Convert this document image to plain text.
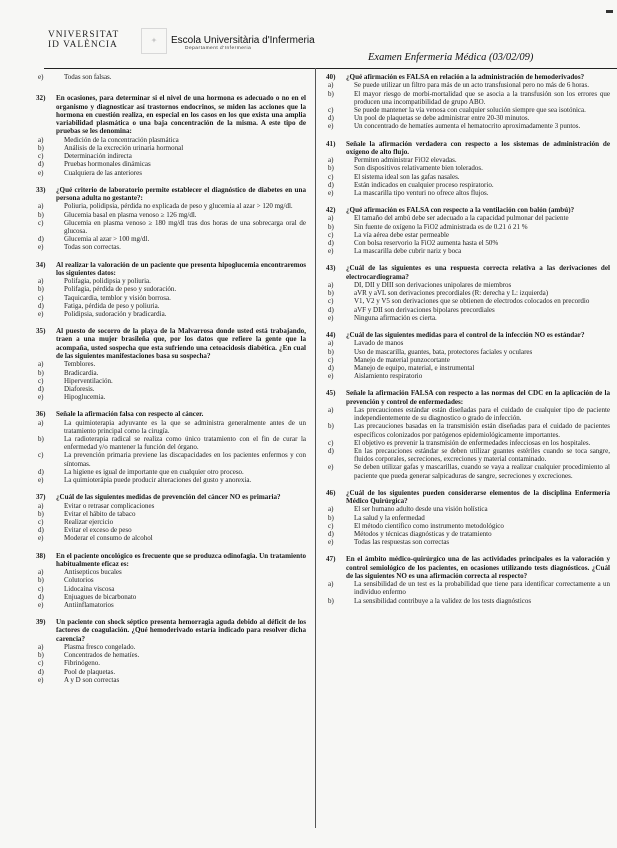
VNIVERSITAT
ID VALÈNCIA	✦	Escola Universitària d'Infermeria
Departament d'Infermeria
Examen Enfermeria Médica (03/02/09)
e)	Todas son falsas.
32)	En ocasiones, para determinar si el nivel de una hormona es adecuado o no en el organismo y diagnosticar así trastornos endocrinos, se miden las acciones que la hormona en cuestión realiza, en especial en los casos en los que exista una amplia variabilidad plasmática o una baja concentración de la misma. A este tipo de pruebas se les denomina:
a)	Medición de la concentración plasmática
b)	Análisis de la excreción urinaria hormonal
c)	Determinación indirecta
d)	Pruebas hormonales dinámicas
e)	Cualquiera de las anteriores
33)	¿Qué criterio de laboratorio permite establecer el diagnóstico de diabetes en una persona adulta no gestante?:
a)	Poliuria, polidipsia, pérdida no explicada de peso y glucemia al azar > 120 mg/dl.
b)	Glucemia basal en plasma venoso ≥ 126 mg/dl.
c)	Glucemia en plasma venoso ≥ 180 mg/dl tras dos horas de una sobrecarga oral de glucosa.
d)	Glucemia al azar > 100 mg/dl.
e)	Todas son correctas.
34)	Al realizar la valoración de un paciente que presenta hipoglucemia encontraremos los siguientes datos:
a)	Polifagia, polidipsia y poliuria.
b)	Polifagia, pérdida de peso y sudoración.
c)	Taquicardia, temblor y visión borrosa.
d)	Fatiga, pérdida de peso y poliuria.
e)	Polidipsia, sudoración y bradicardia.
35)	Al puesto de socorro de la playa de la Malvarrosa donde usted está trabajando, traen a una mujer brasileña que, por los datos que refiere la gente que la acompaña, usted sospecha que esta sufriendo una cetoacidosis diabética. ¿En cual de las siguientes manifestaciones basa su sospecha?
a)	Temblores.
b)	Bradicardia.
c)	Hiperventilación.
d)	Diaforesis.
e)	Hipoglucemia.
36)	Señale la afirmación falsa con respecto al cáncer.
a)	La quimioterapia adyuvante es la que se administra generalmente antes de un tratamiento principal como la cirugía.
b)	La radioterapia radical se realiza como único tratamiento con el fin de curar la enfermedad y/o mantener la función del órgano.
c)	La prevención primaria previene las discapacidades en los pacientes enfermos y con síntomas.
d)	La higiene es igual de importante que en cualquier otro proceso.
e)	La quimioterápia puede producir alteraciones del gusto y anorexia.
37)	¿Cuál de las siguientes medidas de prevención del cáncer NO es primaria?
a)	Evitar o retrasar complicaciones
b)	Evitar el hábito de tabaco
c)	Realizar ejercicio
d)	Evitar el exceso de peso
e)	Moderar el consumo de alcohol
38)	En el paciente oncológico es frecuente que se produzca odinofagia. Un tratamiento habitualmente eficaz es:
a)	Antisepticos bucales
b)	Colutorios
c)	Lidocaína viscosa
d)	Enjuagues de bicarbonato
e)	Antiinflamatorios
39)	Un paciente con shock séptico presenta hemorragia aguda debido al déficit de los factores de coagulación. ¿Qué hemoderivado estaría indicado para resolver dicha carencia?
a)	Plasma fresco congelado.
b)	Concentrados de hematíes.
c)	Fibrinógeno.
d)	Pool de plaquetas.
e)	A y D son correctas
40)	¿Qué afirmación es FALSA en relación a la administración de hemoderivados?
a)	Se puede utilizar un filtro para más de un acto transfusional pero no más de 6 horas.
b)	El mayor riesgo de morbi-mortalidad que se asocia a la transfusión son los errores que producen una incompatibilidad de grupo ABO.
c)	Se puede mantener la vía venosa con cualquier solución siempre que sea isotónica.
d)	Un pool de plaquetas se debe administrar entre 20-30 minutos.
e)	Un concentrado de hematíes aumenta el hematocrito aproximadamente 3 puntos.
41)	Señale la afirmación verdadera con respecto a los sistemas de administración de oxígeno de alto flujo.
a)	Permiten administrar FiO2 elevadas.
b)	Son dispositivos relativamente bien tolerados.
c)	El sistema ideal son las gafas nasales.
d)	Están indicados en cualquier proceso respiratorio.
e)	La mascarilla tipo venturi no ofrece altos flujos.
42)	¿Qué afirmación es FALSA con respecto a la ventilación con balón (ambú)?
a)	El tamaño del ambú debe ser adecuado a la capacidad pulmonar del paciente
b)	Sin fuente de oxígeno la FiO2 administrada es de 0.21 ó 21 %
c)	La vía aérea debe estar permeable
d)	Con bolsa reservorio la FiO2 aumenta hasta el 50%
e)	La mascarilla debe cubrir nariz y boca
43)	¿Cuál de las siguientes es una respuesta correcta relativa a las derivaciones del electrocardiograma?
a)	DI, DII y DIII son derivaciones unipolares de miembros
b)	aVR y aVL son derivaciones precordiales (R: derecha y L: izquierda)
c)	V1, V2 y V5 son derivaciones que se obtienen de electrodos colocados en precordio
d)	aVF y DII son derivaciones bipolares precordiales
e)	Ninguna afirmación es cierta.
44)	¿Cuál de las siguientes medidas para el control de la infección NO es estándar?
a)	Lavado de manos
b)	Uso de mascarilla, guantes, bata, protectores faciales y oculares
c)	Manejo de material punzocortante
d)	Manejo de equipo, material, e instrumental
e)	Aislamiento respiratorio
45)	Señale la afirmación FALSA con respecto a las normas del CDC en la aplicación de la prevención y control de enfermedades:
a)	Las precauciones estándar están diseñadas para el cuidado de cualquier tipo de paciente independientemente de su diagnostico o grado de infección.
b)	Las precauciones basadas en la transmisión están diseñadas para el cuidado de pacientes específicos colonizados por patógenos epidemiológicamente importantes.
c)	El objetivo es prevenir la transmisión de enfermedades infecciosas en los hospitales.
d)	En las precauciones estándar se deben utilizar guantes estériles cuando se toca sangre, fluidos corporales, secreciones, excreciones y material contaminado.
e)	Se deben utilizar gafas y mascarillas, cuando se vaya a realizar cualquier procedimiento al paciente que pueda generar salpicaduras de sangre, secreciones y excreciones.
46)	¿Cuál de los siguientes pueden considerarse elementos de la disciplina Enfermería Médico Quirúrgica?
a)	El ser humano adulto desde una visión holística
b)	La salud y la enfermedad
c)	El método científico como instrumento metodológico
d)	Métodos y técnicas diagnósticas y de tratamiento
e)	Todas las respuestas son correctas
47)	En el ámbito médico-quirúrgico una de las actividades principales es la valoración y control semiológico de los pacientes, en ocasiones utilizando tests diagnósticos. ¿Cuál de las siguientes NO es una afirmación correcta al respecto?
a)	La sensibilidad de un test es la probabilidad que tiene para identificar correctamente a un individuo enfermo
b)	La sensibilidad contribuye a la validez de los tests diagnósticos
